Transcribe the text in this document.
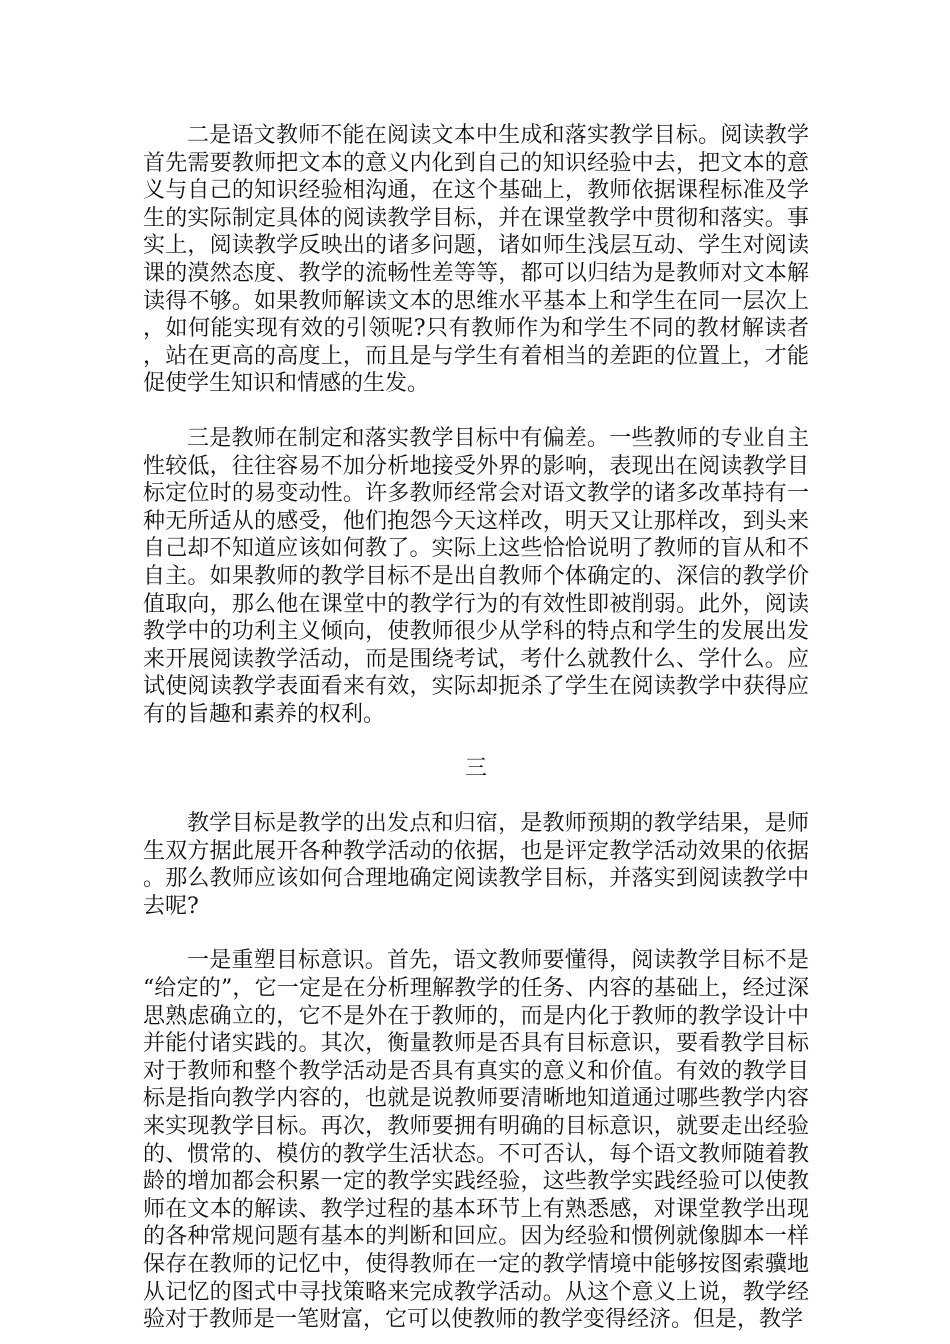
二是语文教师不能在阅读文本中生成和落实教学目标。阅读教学首先需要教师把文本的意义内化到自己的知识经验中去，把文本的意义与自己的知识经验相沟通，在这个基础上，教师依据课程标准及学生的实际制定具体的阅读教学目标，并在课堂教学中贯彻和落实。事实上，阅读教学反映出的诸多问题，诸如师生浅层互动、学生对阅读课的漠然态度、教学的流畅性差等等，都可以归结为是教师对文本解读得不够。如果教师解读文本的思维水平基本上和学生在同一层次上，如何能实现有效的引领呢?只有教师作为和学生不同的教材解读者，站在更高的高度上，而且是与学生有着相当的差距的位置上，才能促使学生知识和情感的生发。

三是教师在制定和落实教学目标中有偏差。一些教师的专业自主性较低，往往容易不加分析地接受外界的影响，表现出在阅读教学目标定位时的易变动性。许多教师经常会对语文教学的诸多改革持有一种无所适从的感受，他们抱怨今天这样改，明天又让那样改，到头来自己却不知道应该如何教了。实际上这些恰恰说明了教师的盲从和不自主。如果教师的教学目标不是出自教师个体确定的、深信的教学价值取向，那么他在课堂中的教学行为的有效性即被削弱。此外，阅读教学中的功利主义倾向，使教师很少从学科的特点和学生的发展出发来开展阅读教学活动，而是围绕考试，考什么就教什么、学什么。应试使阅读教学表面看来有效，实际却扼杀了学生在阅读教学中获得应有的旨趣和素养的权利。

三

教学目标是教学的出发点和归宿，是教师预期的教学结果，是师生双方据此展开各种教学活动的依据，也是评定教学活动效果的依据。那么教师应该如何合理地确定阅读教学目标，并落实到阅读教学中去呢?

一是重塑目标意识。首先，语文教师要懂得，阅读教学目标不是“给定的”，它一定是在分析理解教学的任务、内容的基础上，经过深思熟虑确立的，它不是外在于教师的，而是内化于教师的教学设计中并能付诸实践的。其次，衡量教师是否具有目标意识，要看教学目标对于教师和整个教学活动是否具有真实的意义和价值。有效的教学目标是指向教学内容的，也就是说教师要清晰地知道通过哪些教学内容来实现教学目标。再次，教师要拥有明确的目标意识，就要走出经验的、惯常的、模仿的教学生活状态。不可否认，每个语文教师随着教龄的增加都会积累一定的教学实践经验，这些教学实践经验可以使教师在文本的解读、教学过程的基本环节上有熟悉感，对课堂教学出现的各种常规问题有基本的判断和回应。因为经验和惯例就像脚本一样保存在教师的记忆中，使得教师在一定的教学情境中能够按图索骥地从记忆的图式中寻找策略来完成教学活动。从这个意义上说，教学经验对于教师是一笔财富，它可以使教师的教学变得经济。但是，教学
